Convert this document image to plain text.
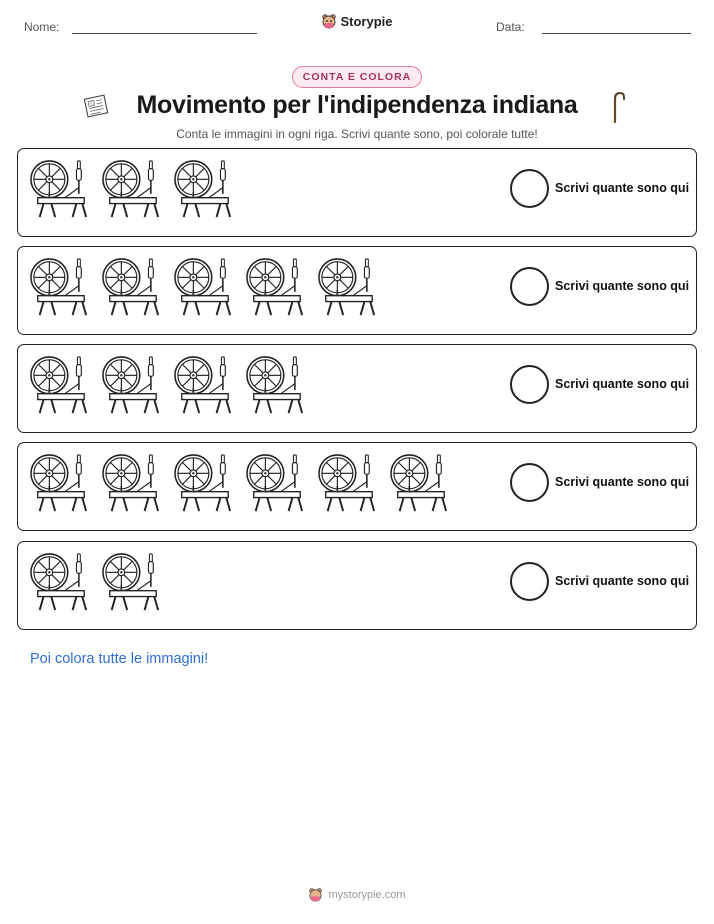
Nome:	Storypie	Data:
CONTA E COLORA
Movimento per l'indipendenza indiana
Conta le immagini in ogni riga. Scrivi quante sono, poi colorale tutte!
Scrivi quante sono qui
Scrivi quante sono qui
Scrivi quante sono qui
Scrivi quante sono qui
Scrivi quante sono qui
Poi colora tutte le immagini!
mystorypie.com
